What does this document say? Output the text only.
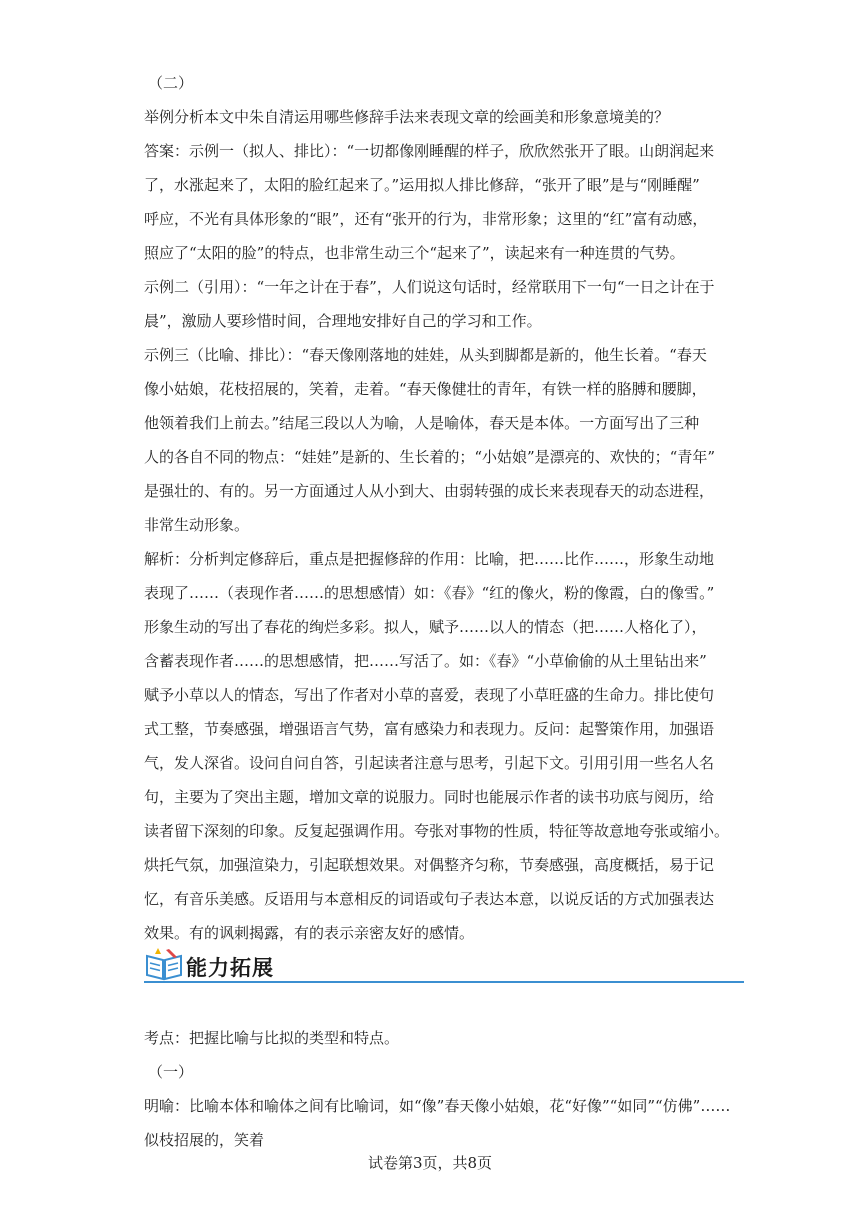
（二）
举例分析本文中朱自清运用哪些修辞手法来表现文章的绘画美和形象意境美的？
答案：示例一（拟人、排比）：“一切都像刚睡醒的样子，欣欣然张开了眼。山朗润起来
了，水涨起来了，太阳的脸红起来了。”运用拟人排比修辞，“张开了眼”是与“刚睡醒”
呼应，不光有具体形象的“眼”，还有“张开的行为，非常形象；这里的“红”富有动感，
照应了“太阳的脸”的特点，也非常生动三个“起来了”，读起来有一种连贯的气势。
示例二（引用）：“一年之计在于春”，人们说这句话时，经常联用下一句“一日之计在于
晨”，激励人要珍惜时间，合理地安排好自己的学习和工作。
示例三（比喻、排比）：“春天像刚落地的娃娃，从头到脚都是新的，他生长着。“春天
像小姑娘，花枝招展的，笑着，走着。“春天像健壮的青年，有铁一样的胳膊和腰脚，
他领着我们上前去。”结尾三段以人为喻，人是喻体，春天是本体。一方面写出了三种
人的各自不同的物点：“娃娃”是新的、生长着的；“小姑娘”是漂亮的、欢快的；“青年”
是强壮的、有的。另一方面通过人从小到大、由弱转强的成长来表现春天的动态进程，
非常生动形象。
解析：分析判定修辞后，重点是把握修辞的作用：比喻，把……比作……，形象生动地
表现了……（表现作者……的思想感情）如：《春》“红的像火，粉的像霞，白的像雪。”
形象生动的写出了春花的绚烂多彩。拟人，赋予……以人的情态（把……人格化了），
含蓄表现作者……的思想感情，把……写活了。如：《春》“小草偷偷的从土里钻出来”
赋予小草以人的情态，写出了作者对小草的喜爱，表现了小草旺盛的生命力。排比使句
式工整，节奏感强，增强语言气势，富有感染力和表现力。反问：起警策作用，加强语
气，发人深省。设问自问自答，引起读者注意与思考，引起下文。引用引用一些名人名
句，主要为了突出主题，增加文章的说服力。同时也能展示作者的读书功底与阅历，给
读者留下深刻的印象。反复起强调作用。夸张对事物的性质，特征等故意地夸张或缩小。
烘托气氛，加强渲染力，引起联想效果。对偶整齐匀称，节奏感强，高度概括，易于记
忆，有音乐美感。反语用与本意相反的词语或句子表达本意，以说反话的方式加强表达
效果。有的讽刺揭露，有的表示亲密友好的感情。
能力拓展
考点：把握比喻与比拟的类型和特点。
（一）
明喻：比喻本体和喻体之间有比喻词，如“像”春天像小姑娘，花“好像”“如同”“仿佛”……
似枝招展的，笑着
试卷第3页，共8页
